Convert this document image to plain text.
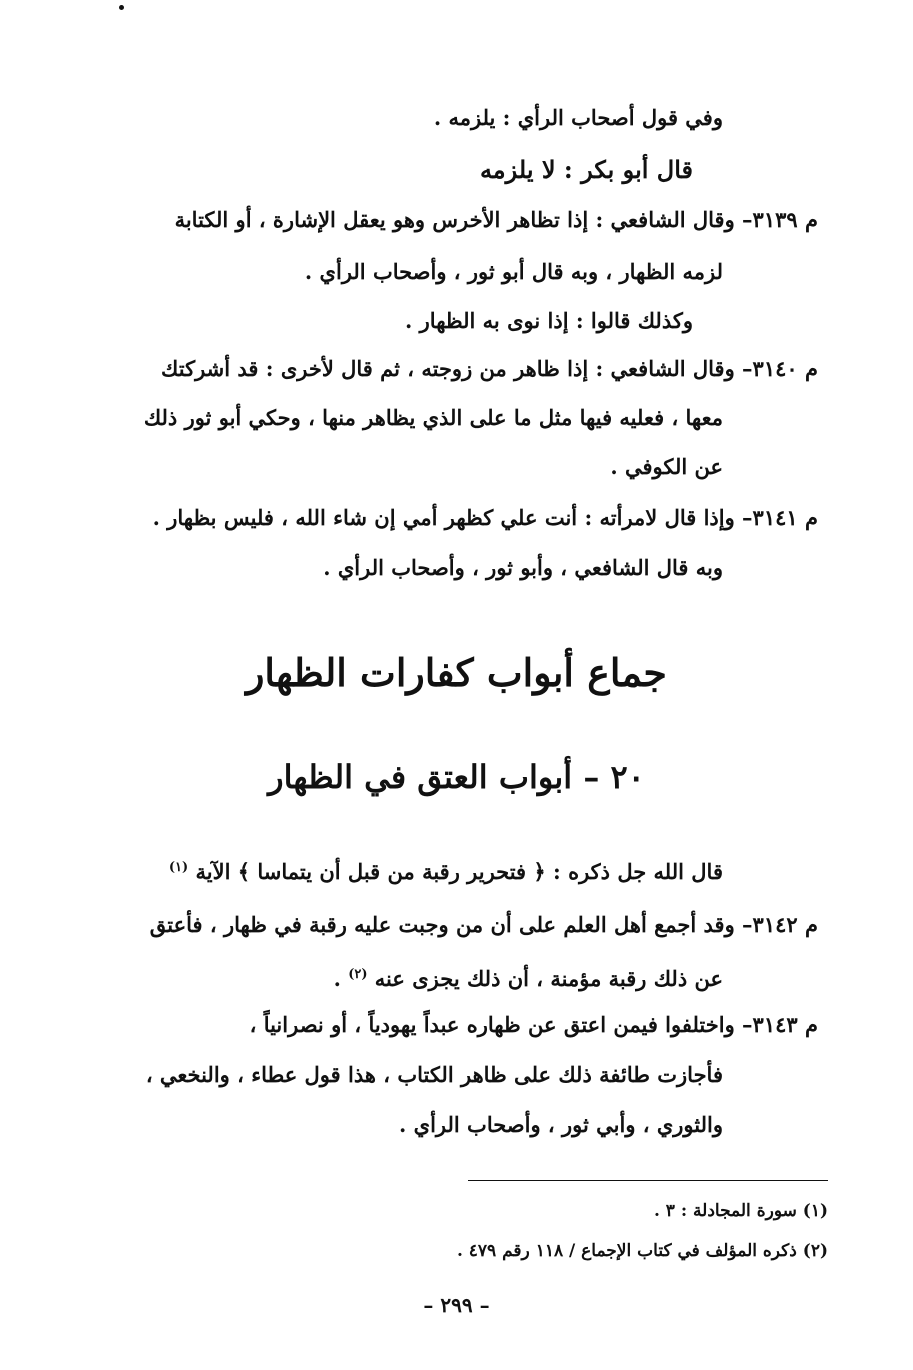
وفي قول أصحاب الرأي : يلزمه .
قال أبو بكر : لا يلزمه
م ٣١٣٩– وقال الشافعي : إذا تظاهر الأخرس وهو يعقل الإشارة ، أو الكتابة
لزمه الظهار ، وبه قال أبو ثور ، وأصحاب الرأي .
وكذلك قالوا : إذا نوى به الظهار .
م ٣١٤٠– وقال الشافعي : إذا ظاهر من زوجته ، ثم قال لأخرى : قد أشركتك
معها ، فعليه فيها مثل ما على الذي يظاهر منها ، وحكي أبو ثور ذلك
عن الكوفي .
م ٣١٤١– وإذا قال لامرأته : أنت علي كظهر أمي إن شاء الله ، فليس بظهار .
وبه قال الشافعي ، وأبو ثور ، وأصحاب الرأي .
جماع أبواب كفارات الظهار
٢٠ – أبواب العتق في الظهار
قال الله جل ذكره : ﴿ فتحرير رقبة من قبل أن يتماسا ﴾ الآية $^{(١)}$
م ٣١٤٢– وقد أجمع أهل العلم على أن من وجبت عليه رقبة في ظهار ، فأعتق
عن ذلك رقبة مؤمنة ، أن ذلك يجزى عنه $^{(٢)}$ .
م ٣١٤٣– واختلفوا فيمن اعتق عن ظهاره عبداً يهودياً ، أو نصرانياً ،
فأجازت طائفة ذلك على ظاهر الكتاب ، هذا قول عطاء ، والنخعي ،
والثوري ، وأبي ثور ، وأصحاب الرأي .
(١) سورة المجادلة : ٣ .
(٢) ذكره المؤلف في كتاب الإجماع / ١١٨ رقم ٤٧٩ .
– ٢٩٩ –
